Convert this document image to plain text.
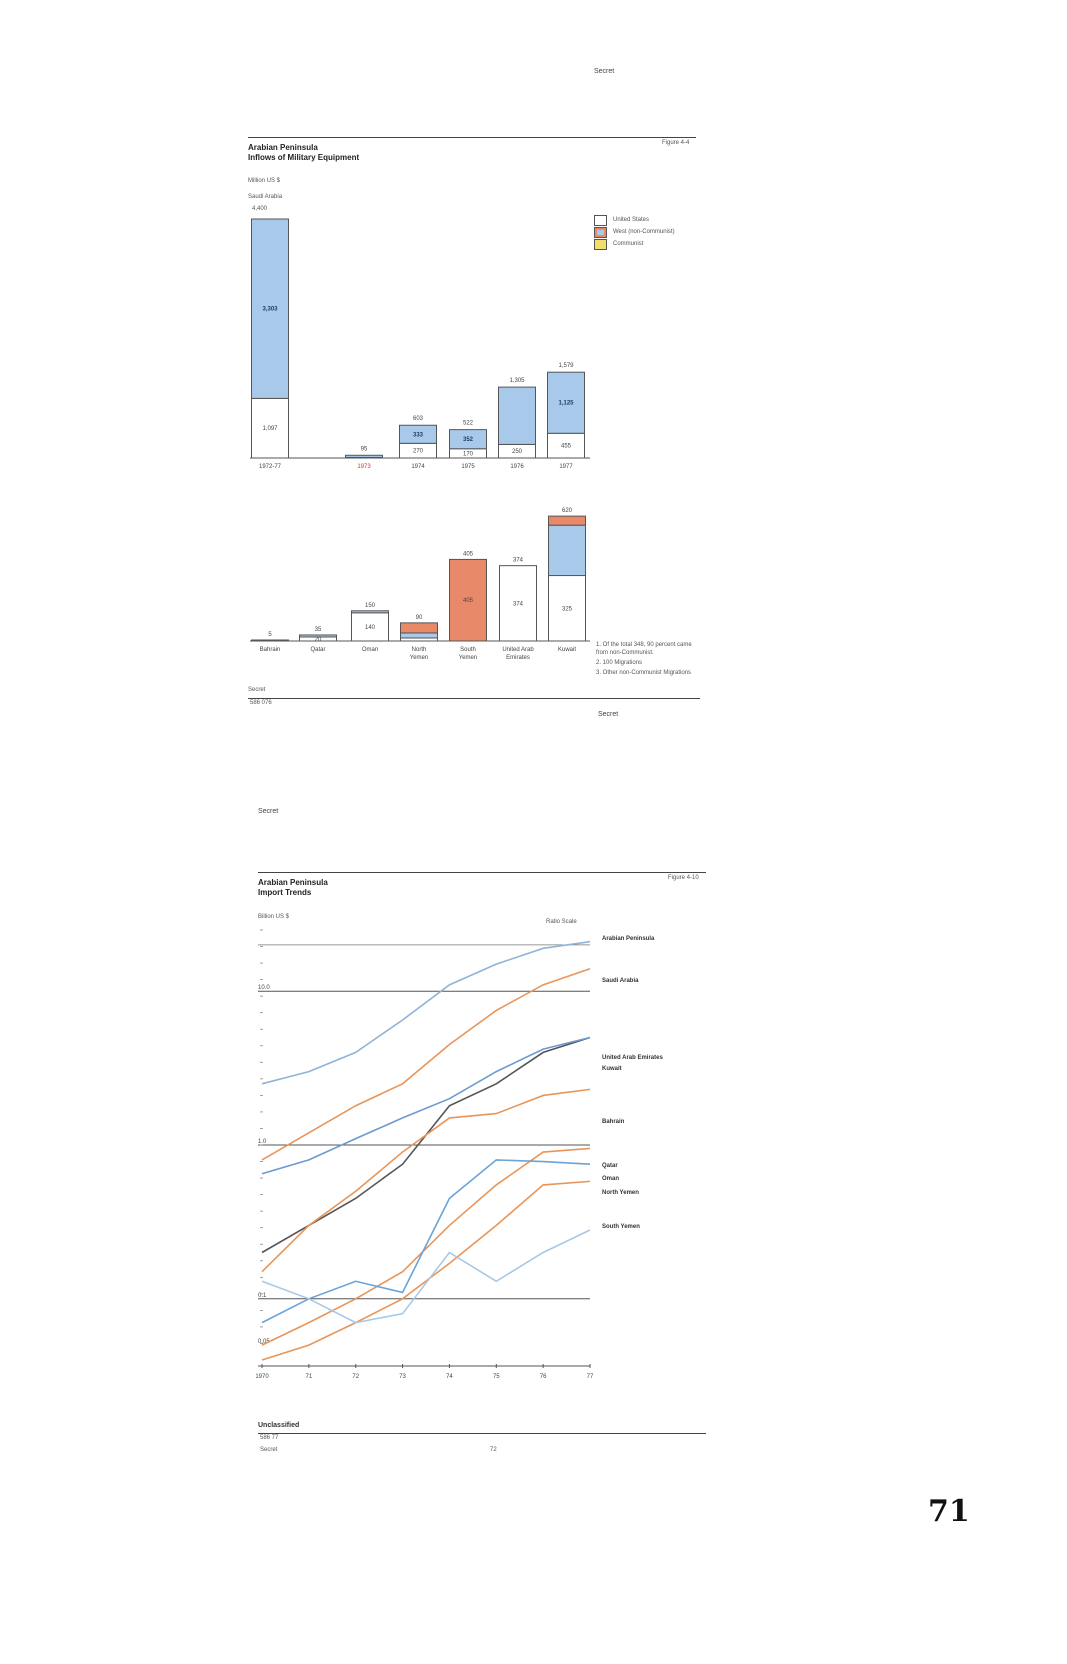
Secret
Figure 4-4
Arabian Peninsula
Inflows of Military Equipment
Million US $
Saudi Arabia
4,400
United States
West (non-Communist)
Communist
1,097
3,303
1972-77
95
1973
270
333
603
1974
170
352
522
1975
250
1,305
1976
455
1,125
1,579
1977
5
Bahrain
20
35
Qatar
140
150
Oman
90
North
Yemen
405
405
South
Yemen
374
374
United Arab
Emirates
325
620
Kuwait
1. Of the total 348, 90 percent came from non-Communist.
2. 100 Migrations
3. Other non-Communist Migrations
Secret
586 076
Secret
Secret
Figure 4-10
Arabian Peninsula
Import Trends
Billion US $
Ratio Scale
10.0
1.0
0.1
0.05
1970	71	72	73	74	75	76	77
Arabian Peninsula
Saudi Arabia
United Arab Emirates
Kuwait
Bahrain
Qatar
Oman
North Yemen
South Yemen
Unclassified
586 77
Secret	72
71
